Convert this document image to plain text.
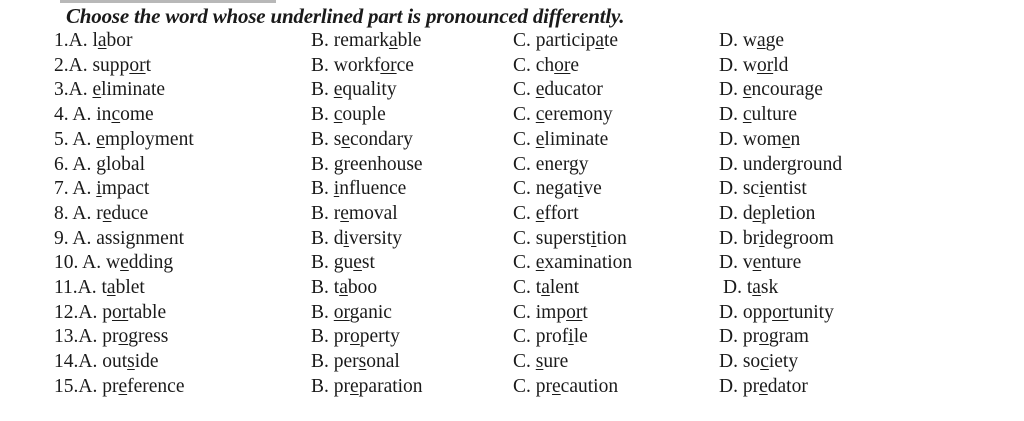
Choose the word whose underlined part is pronounced differently.
1.A. labor	B. remarkable	C. participate	D. wage
2.A. support	B. workforce	C. chore	D. world
3.A. eliminate	B. equality	C. educator	D. encourage
4. A. income	B. couple	C. ceremony	D. culture
5. A. employment	B. secondary	C. eliminate	D. women
6. A. global	B. greenhouse	C. energy	D. underground
7. A. impact	B. influence	C. negative	D. scientist
8. A. reduce	B. removal	C. effort	D. depletion
9. A. assignment	B. diversity	C. superstition	D. bridegroom
10. A. wedding	B. guest	C. examination	D. venture
11.A. tablet	B. taboo	C. talent	D. task
12.A. portable	B. organic	C. import	D. opportunity
13.A. progress	B. property	C. profile	D. program
14.A. outside	B. personal	C. sure	D. society
15.A. preference	B. preparation	C. precaution	D. predator
